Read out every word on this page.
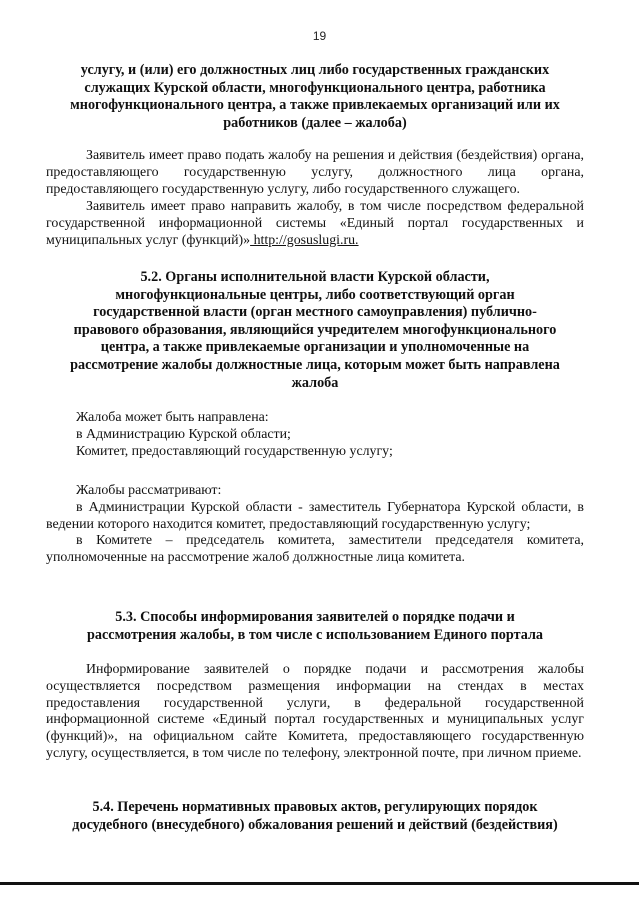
19

услугу, и (или) его должностных лиц либо государственных гражданских

служащих Курской области, многофункционального центра, работника

многофункционального центра, а также привлекаемых организаций или их

работников (далее – жалоба)

Заявитель имеет право подать жалобу на решения и действия (бездействия) органа, предоставляющего государственную услугу, должностного лица органа, предоставляющего государственную услугу, либо государственного служащего.

Заявитель имеет право направить жалобу, в том числе посредством федеральной государственной информационной системы «Единый портал государственных и муниципальных услуг (функций)» http://gosuslugi.ru.

5.2. Органы исполнительной власти Курской области,

многофункциональные центры, либо соответствующий орган

государственной власти (орган местного самоуправления) публично-

правового образования, являющийся учредителем многофункционального

центра, а также привлекаемые организации и уполномоченные на

рассмотрение жалобы должностные лица, которым может быть направлена

жалоба

Жалоба может быть направлена:

в Администрацию Курской области;

Комитет, предоставляющий государственную услугу;

Жалобы рассматривают:

в Администрации Курской области - заместитель Губернатора Курской области, в ведении которого находится комитет, предоставляющий государственную услугу;

в Комитете – председатель комитета, заместители председателя комитета, уполномоченные на рассмотрение жалоб должностные лица комитета.

5.3. Способы информирования заявителей о порядке подачи и

рассмотрения жалобы, в том числе с использованием Единого портала

Информирование заявителей о порядке подачи и рассмотрения жалобы осуществляется посредством размещения информации на стендах в местах предоставления государственной услуги, в федеральной государственной информационной системе «Единый портал государственных и муниципальных услуг (функций)», на официальном сайте Комитета, предоставляющего государственную услугу, осуществляется, в том числе по телефону, электронной почте, при личном приеме.

5.4. Перечень нормативных правовых актов, регулирующих порядок

досудебного (внесудебного) обжалования решений и действий (бездействия)
